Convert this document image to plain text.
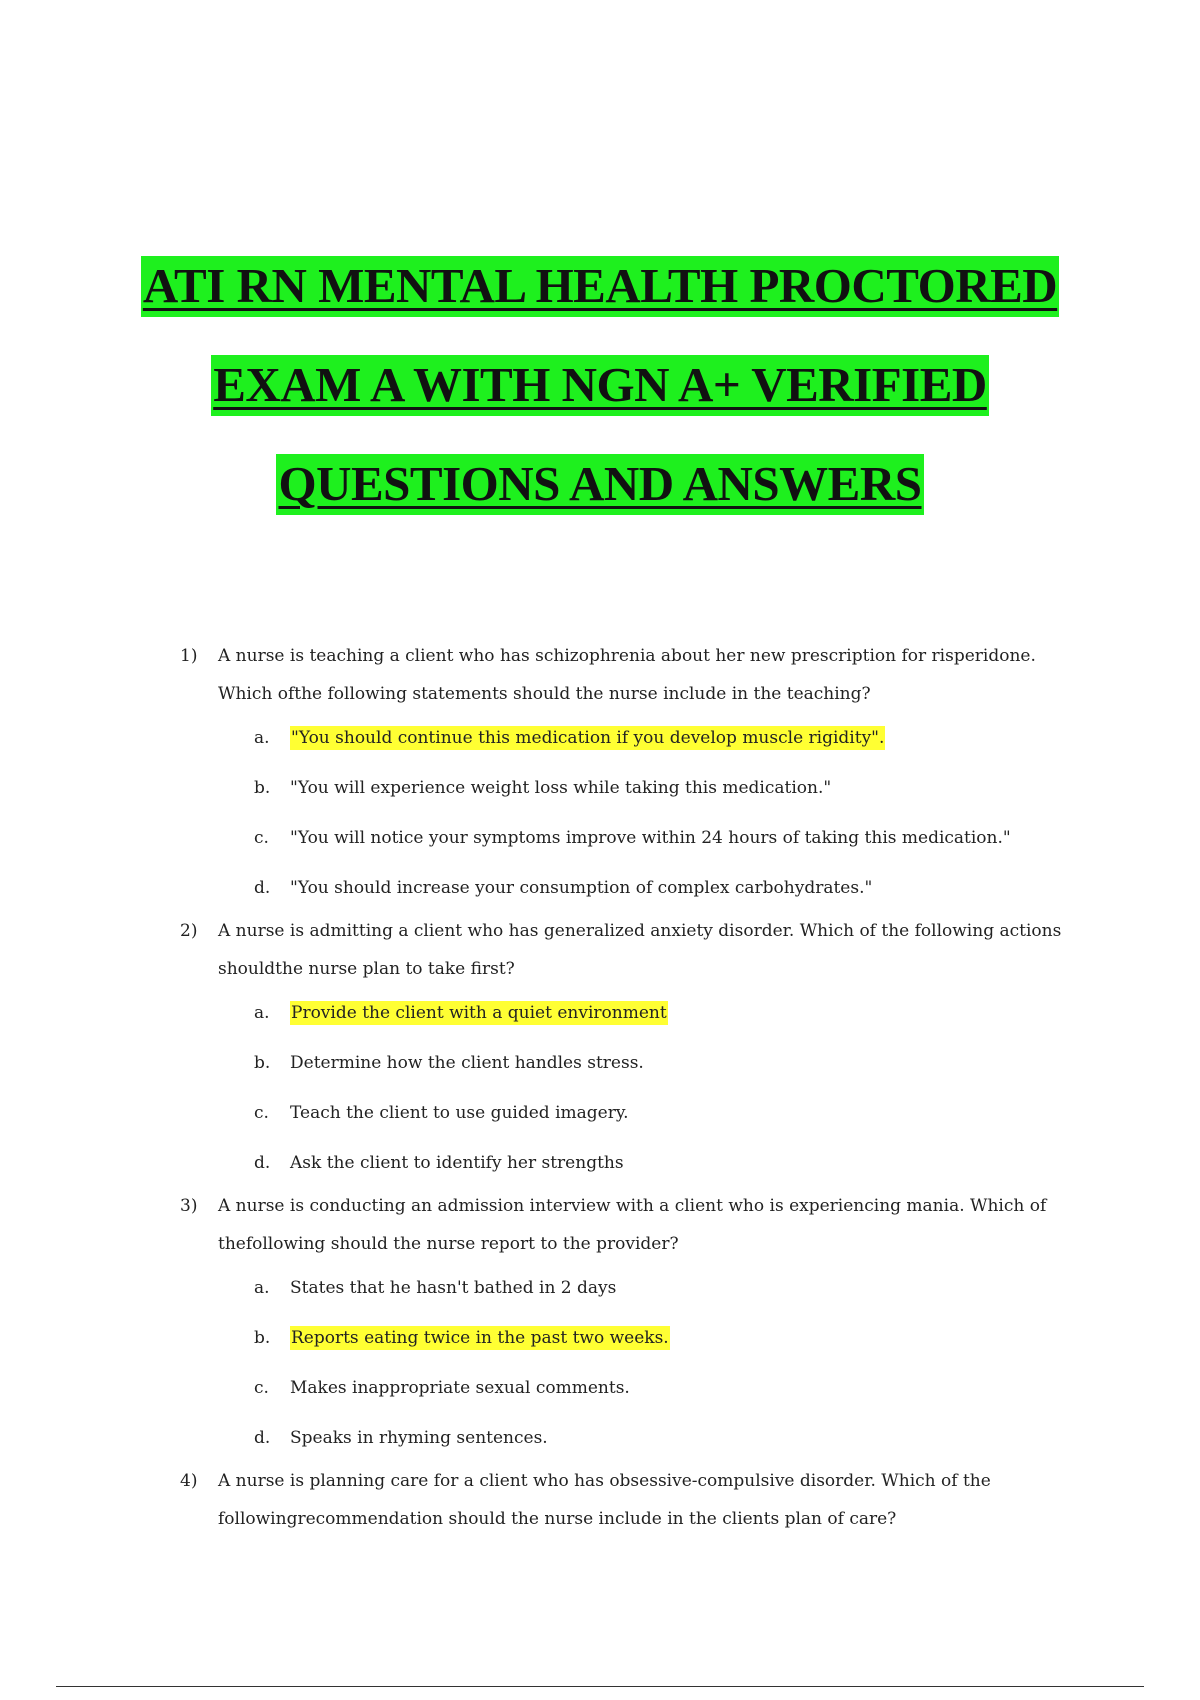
ATI RN MENTAL HEALTH PROCTORED
EXAM A WITH NGN A+ VERIFIED
QUESTIONS AND ANSWERS
1) A nurse is teaching a client who has schizophrenia about her new prescription for risperidone. Which ofthe following statements should the nurse include in the teaching?
a. "You should continue this medication if you develop muscle rigidity".
b. "You will experience weight loss while taking this medication."
c. "You will notice your symptoms improve within 24 hours of taking this medication."
d. "You should increase your consumption of complex carbohydrates."
2) A nurse is admitting a client who has generalized anxiety disorder. Which of the following actions shouldthe nurse plan to take first?
a. Provide the client with a quiet environment
b. Determine how the client handles stress.
c. Teach the client to use guided imagery.
d. Ask the client to identify her strengths
3) A nurse is conducting an admission interview with a client who is experiencing mania. Which of thefollowing should the nurse report to the provider?
a. States that he hasn't bathed in 2 days
b. Reports eating twice in the past two weeks.
c. Makes inappropriate sexual comments.
d. Speaks in rhyming sentences.
4) A nurse is planning care for a client who has obsessive-compulsive disorder. Which of the followingrecommendation should the nurse include in the clients plan of care?
